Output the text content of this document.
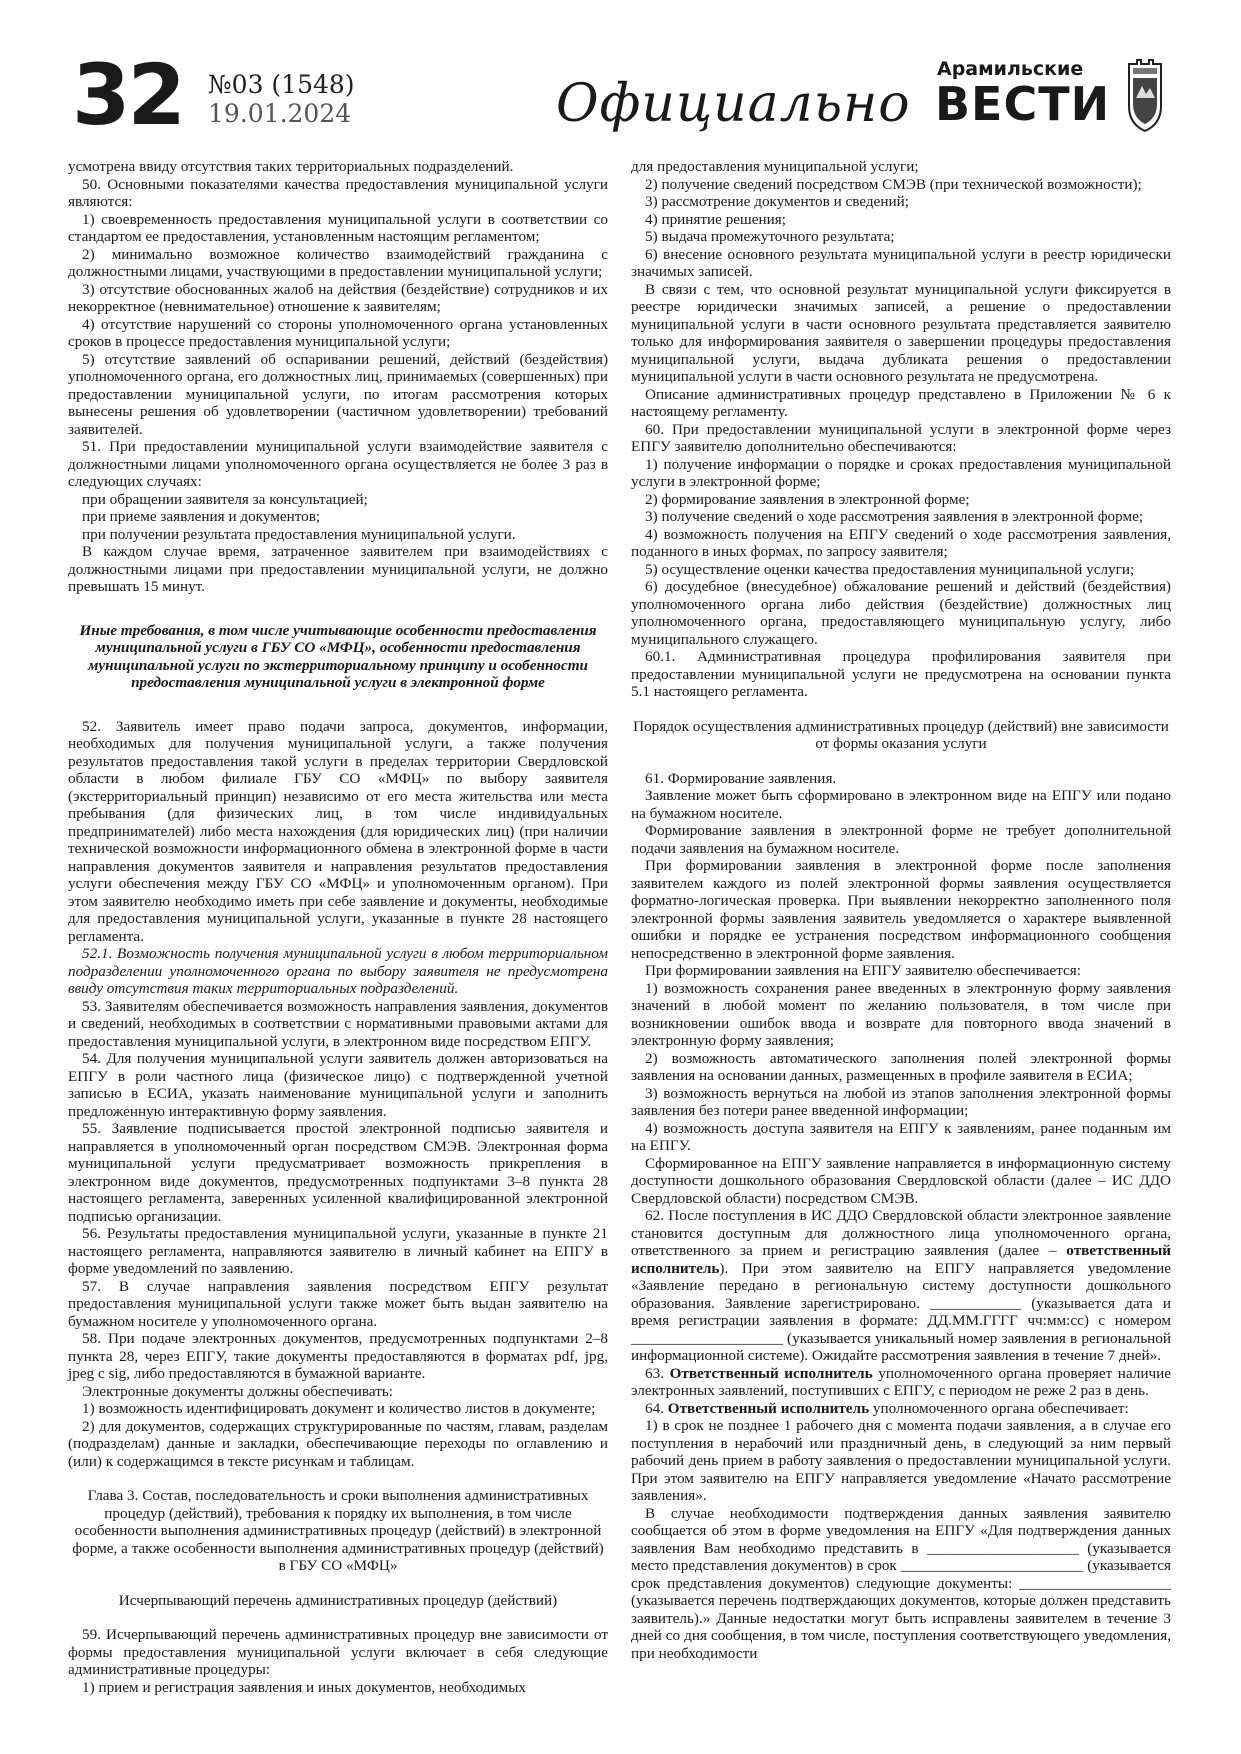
32 №03 (1548)
19.01.2024	Официально
Арамильские
ВЕСТИ

усмотрена ввиду отсутствия таких территориальных подразделений.

50. Основными показателями качества предоставления муниципальной услуги являются:

1) своевременность предоставления муниципальной услуги в соответствии со стандартом ее предоставления, установленным настоящим регламентом;

2) минимально возможное количество взаимодействий гражданина с должностными лицами, участвующими в предоставлении муниципальной услуги;

3) отсутствие обоснованных жалоб на действия (бездействие) сотрудников и их некорректное (невнимательное) отношение к заявителям;

4) отсутствие нарушений со стороны уполномоченного органа установленных сроков в процессе предоставления муниципальной услуги;

5) отсутствие заявлений об оспаривании решений, действий (бездействия) уполномоченного органа, его должностных лиц, принимаемых (совершенных) при предоставлении муниципальной услуги, по итогам рассмотрения которых вынесены решения об удовлетворении (частичном удовлетворении) требований заявителей.

51. При предоставлении муниципальной услуги взаимодействие заявителя с должностными лицами уполномоченного органа осуществляется не более 3 раз в следующих случаях:

при обращении заявителя за консультацией;

при приеме заявления и документов;

при получении результата предоставления муниципальной услуги.

В каждом случае время, затраченное заявителем при взаимодействиях с должностными лицами при предоставлении муниципальной услуги, не должно превышать 15 минут.

Иные требования, в том числе учитывающие особенности предоставления муниципальной услуги в ГБУ СО «МФЦ», особенности предоставления муниципальной услуги по экстерриториальному принципу и особенности предоставления муниципальной услуги в электронной форме

52. Заявитель имеет право подачи запроса, документов, информации, необходимых для получения муниципальной услуги, а также получения результатов предоставления такой услуги в пределах территории Свердловской области в любом филиале ГБУ СО «МФЦ» по выбору заявителя (экстерриториальный принцип) независимо от его места жительства или места пребывания (для физических лиц, в том числе индивидуальных предпринимателей) либо места нахождения (для юридических лиц) (при наличии технической возможности информационного обмена в электронной форме в части направления документов заявителя и направления результатов предоставления услуги обеспечения между ГБУ СО «МФЦ» и уполномоченным органом). При этом заявителю необходимо иметь при себе заявление и документы, необходимые для предоставления муниципальной услуги, указанные в пункте 28 настоящего регламента.

52.1. Возможность получения муниципальной услуги в любом территориальном подразделении уполномоченного органа по выбору заявителя не предусмотрена ввиду отсутствия таких территориальных подразделений.

53. Заявителям обеспечивается возможность направления заявления, документов и сведений, необходимых в соответствии с нормативными правовыми актами для предоставления муниципальной услуги, в электронном виде посредством ЕПГУ.

54. Для получения муниципальной услуги заявитель должен авторизоваться на ЕПГУ в роли частного лица (физическое лицо) с подтвержденной учетной записью в ЕСИА, указать наименование муниципальной услуги и заполнить предложенную интерактивную форму заявления.

55. Заявление подписывается простой электронной подписью заявителя и направляется в уполномоченный орган посредством СМЭВ. Электронная форма муниципальной услуги предусматривает возможность прикрепления в электронном виде документов, предусмотренных подпунктами 3–8 пункта 28 настоящего регламента, заверенных усиленной квалифицированной электронной подписью организации.

56. Результаты предоставления муниципальной услуги, указанные в пункте 21 настоящего регламента, направляются заявителю в личный кабинет на ЕПГУ в форме уведомлений по заявлению.

57. В случае направления заявления посредством ЕПГУ результат предоставления муниципальной услуги также может быть выдан заявителю на бумажном носителе у уполномоченного органа.

58. При подаче электронных документов, предусмотренных подпунктами 2–8 пункта 28, через ЕПГУ, такие документы предоставляются в форматах pdf, jpg, jpeg с sig, либо предоставляются в бумажной варианте.

Электронные документы должны обеспечивать:

1) возможность идентифицировать документ и количество листов в документе;

2) для документов, содержащих структурированные по частям, главам, разделам (подразделам) данные и закладки, обеспечивающие переходы по оглавлению и (или) к содержащимся в тексте рисункам и таблицам.

Глава 3. Состав, последовательность и сроки выполнения административных процедур (действий), требования к порядку их выполнения, в том числе особенности выполнения административных процедур (действий) в электронной форме, а также особенности выполнения административных процедур (действий) в ГБУ СО «МФЦ»

Исчерпывающий перечень административных процедур (действий)

59. Исчерпывающий перечень административных процедур вне зависимости от формы предоставления муниципальной услуги включает в себя следующие административные процедуры:

1) прием и регистрация заявления и иных документов, необходимых

для предоставления муниципальной услуги;

2) получение сведений посредством СМЭВ (при технической возможности);

3) рассмотрение документов и сведений;

4) принятие решения;

5) выдача промежуточного результата;

6) внесение основного результата муниципальной услуги в реестр юридически значимых записей.

В связи с тем, что основной результат муниципальной услуги фиксируется в реестре юридически значимых записей, а решение о предоставлении муниципальной услуги в части основного результата представляется заявителю только для информирования заявителя о завершении процедуры предоставления муниципальной услуги, выдача дубликата решения о предоставлении муниципальной услуги в части основного результата не предусмотрена.

Описание административных процедур представлено в Приложении № 6 к настоящему регламенту.

60. При предоставлении муниципальной услуги в электронной форме через ЕПГУ заявителю дополнительно обеспечиваются:

1) получение информации о порядке и сроках предоставления муниципальной услуги в электронной форме;

2) формирование заявления в электронной форме;

3) получение сведений о ходе рассмотрения заявления в электронной форме;

4) возможность получения на ЕПГУ сведений о ходе рассмотрения заявления, поданного в иных формах, по запросу заявителя;

5) осуществление оценки качества предоставления муниципальной услуги;

6) досудебное (внесудебное) обжалование решений и действий (бездействия) уполномоченного органа либо действия (бездействие) должностных лиц уполномоченного органа, предоставляющего муниципальную услугу, либо муниципального служащего.

60.1. Административная процедура профилирования заявителя при предоставлении муниципальной услуги не предусмотрена на основании пункта 5.1 настоящего регламента.

Порядок осуществления административных процедур (действий) вне зависимости от формы оказания услуги

61. Формирование заявления.

Заявление может быть сформировано в электронном виде на ЕПГУ или подано на бумажном носителе.

Формирование заявления в электронной форме не требует дополнительной подачи заявления на бумажном носителе.

При формировании заявления в электронной форме после заполнения заявителем каждого из полей электронной формы заявления осуществляется форматно-логическая проверка. При выявлении некорректно заполненного поля электронной формы заявления заявитель уведомляется о характере выявленной ошибки и порядке ее устранения посредством информационного сообщения непосредственно в электронной форме заявления.

При формировании заявления на ЕПГУ заявителю обеспечивается:

1) возможность сохранения ранее введенных в электронную форму заявления значений в любой момент по желанию пользователя, в том числе при возникновении ошибок ввода и возврате для повторного ввода значений в электронную форму заявления;

2) возможность автоматического заполнения полей электронной формы заявления на основании данных, размещенных в профиле заявителя в ЕСИА;

3) возможность вернуться на любой из этапов заполнения электронной формы заявления без потери ранее введенной информации;

4) возможность доступа заявителя на ЕПГУ к заявлениям, ранее поданным им на ЕПГУ.

Сформированное на ЕПГУ заявление направляется в информационную систему доступности дошкольного образования Свердловской области (далее – ИС ДДО Свердловской области) посредством СМЭВ.

62. После поступления в ИС ДДО Свердловской области электронное заявление становится доступным для должностного лица уполномоченного органа, ответственного за прием и регистрацию заявления (далее – ответственный исполнитель). При этом заявителю на ЕПГУ направляется уведомление «Заявление передано в региональную систему доступности дошкольного образования. Заявление зарегистрировано. ____________ (указывается дата и время регистрации заявления в формате: ДД.ММ.ГГГГ чч:мм:сс) с номером ____________________ (указывается уникальный номер заявления в региональной информационной системе). Ожидайте рассмотрения заявления в течение 7 дней».

63. Ответственный исполнитель уполномоченного органа проверяет наличие электронных заявлений, поступивших с ЕПГУ, с периодом не реже 2 раз в день.

64. Ответственный исполнитель уполномоченного органа обеспечивает:

1) в срок не позднее 1 рабочего дня с момента подачи заявления, а в случае его поступления в нерабочий или праздничный день, в следующий за ним первый рабочий день прием в работу заявления о предоставлении муниципальной услуги. При этом заявителю на ЕПГУ направляется уведомление «Начато рассмотрение заявления».

В случае необходимости подтверждения данных заявления заявителю сообщается об этом в форме уведомления на ЕПГУ «Для подтверждения данных заявления Вам необходимо представить в ____________________ (указывается место представления документов) в срок ________________________ (указывается срок представления документов) следующие документы: ____________________ (указывается перечень подтверждающих документов, которые должен представить заявитель).» Данные недостатки могут быть исправлены заявителем в течение 3 дней со дня сообщения, в том числе, поступления соответствующего уведомления, при необходимости
